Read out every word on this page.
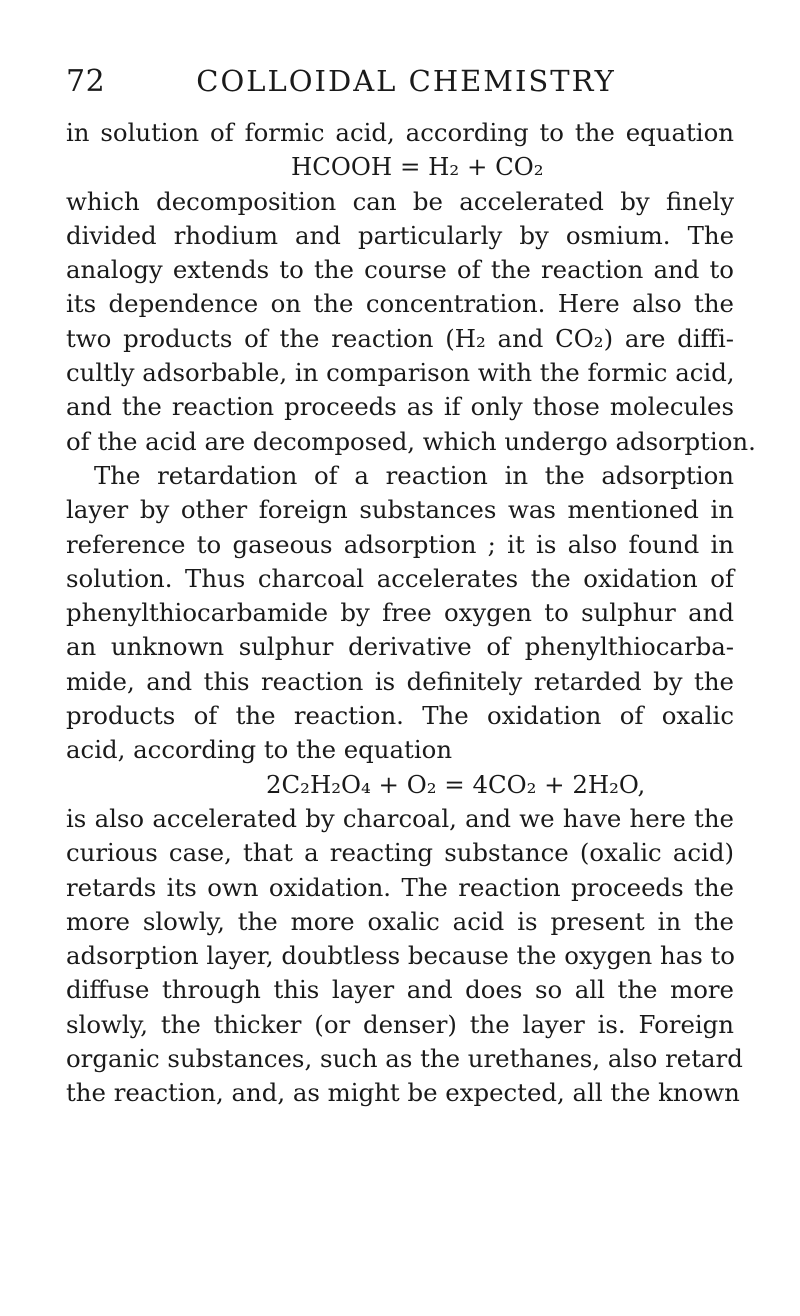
72	COLLOIDAL CHEMISTRY
in solution of formic acid, according to the equation
HCOOH = H₂ + CO₂
which decomposition can be accelerated by finely
divided rhodium and particularly by osmium. The
analogy extends to the course of the reaction and to
its dependence on the concentration. Here also the
two products of the reaction (H₂ and CO₂) are diffi-
cultly adsorbable, in comparison with the formic acid,
and the reaction proceeds as if only those molecules
of the acid are decomposed, which undergo adsorption.
The retardation of a reaction in the adsorption
layer by other foreign substances was mentioned in
reference to gaseous adsorption ; it is also found in
solution. Thus charcoal accelerates the oxidation of
phenylthiocarbamide by free oxygen to sulphur and
an unknown sulphur derivative of phenylthiocarba-
mide, and this reaction is definitely retarded by the
products of the reaction. The oxidation of oxalic
acid, according to the equation
2C₂H₂O₄ + O₂ = 4CO₂ + 2H₂O,
is also accelerated by charcoal, and we have here the
curious case, that a reacting substance (oxalic acid)
retards its own oxidation. The reaction proceeds the
more slowly, the more oxalic acid is present in the
adsorption layer, doubtless because the oxygen has to
diffuse through this layer and does so all the more
slowly, the thicker (or denser) the layer is. Foreign
organic substances, such as the urethanes, also retard
the reaction, and, as might be expected, all the known
